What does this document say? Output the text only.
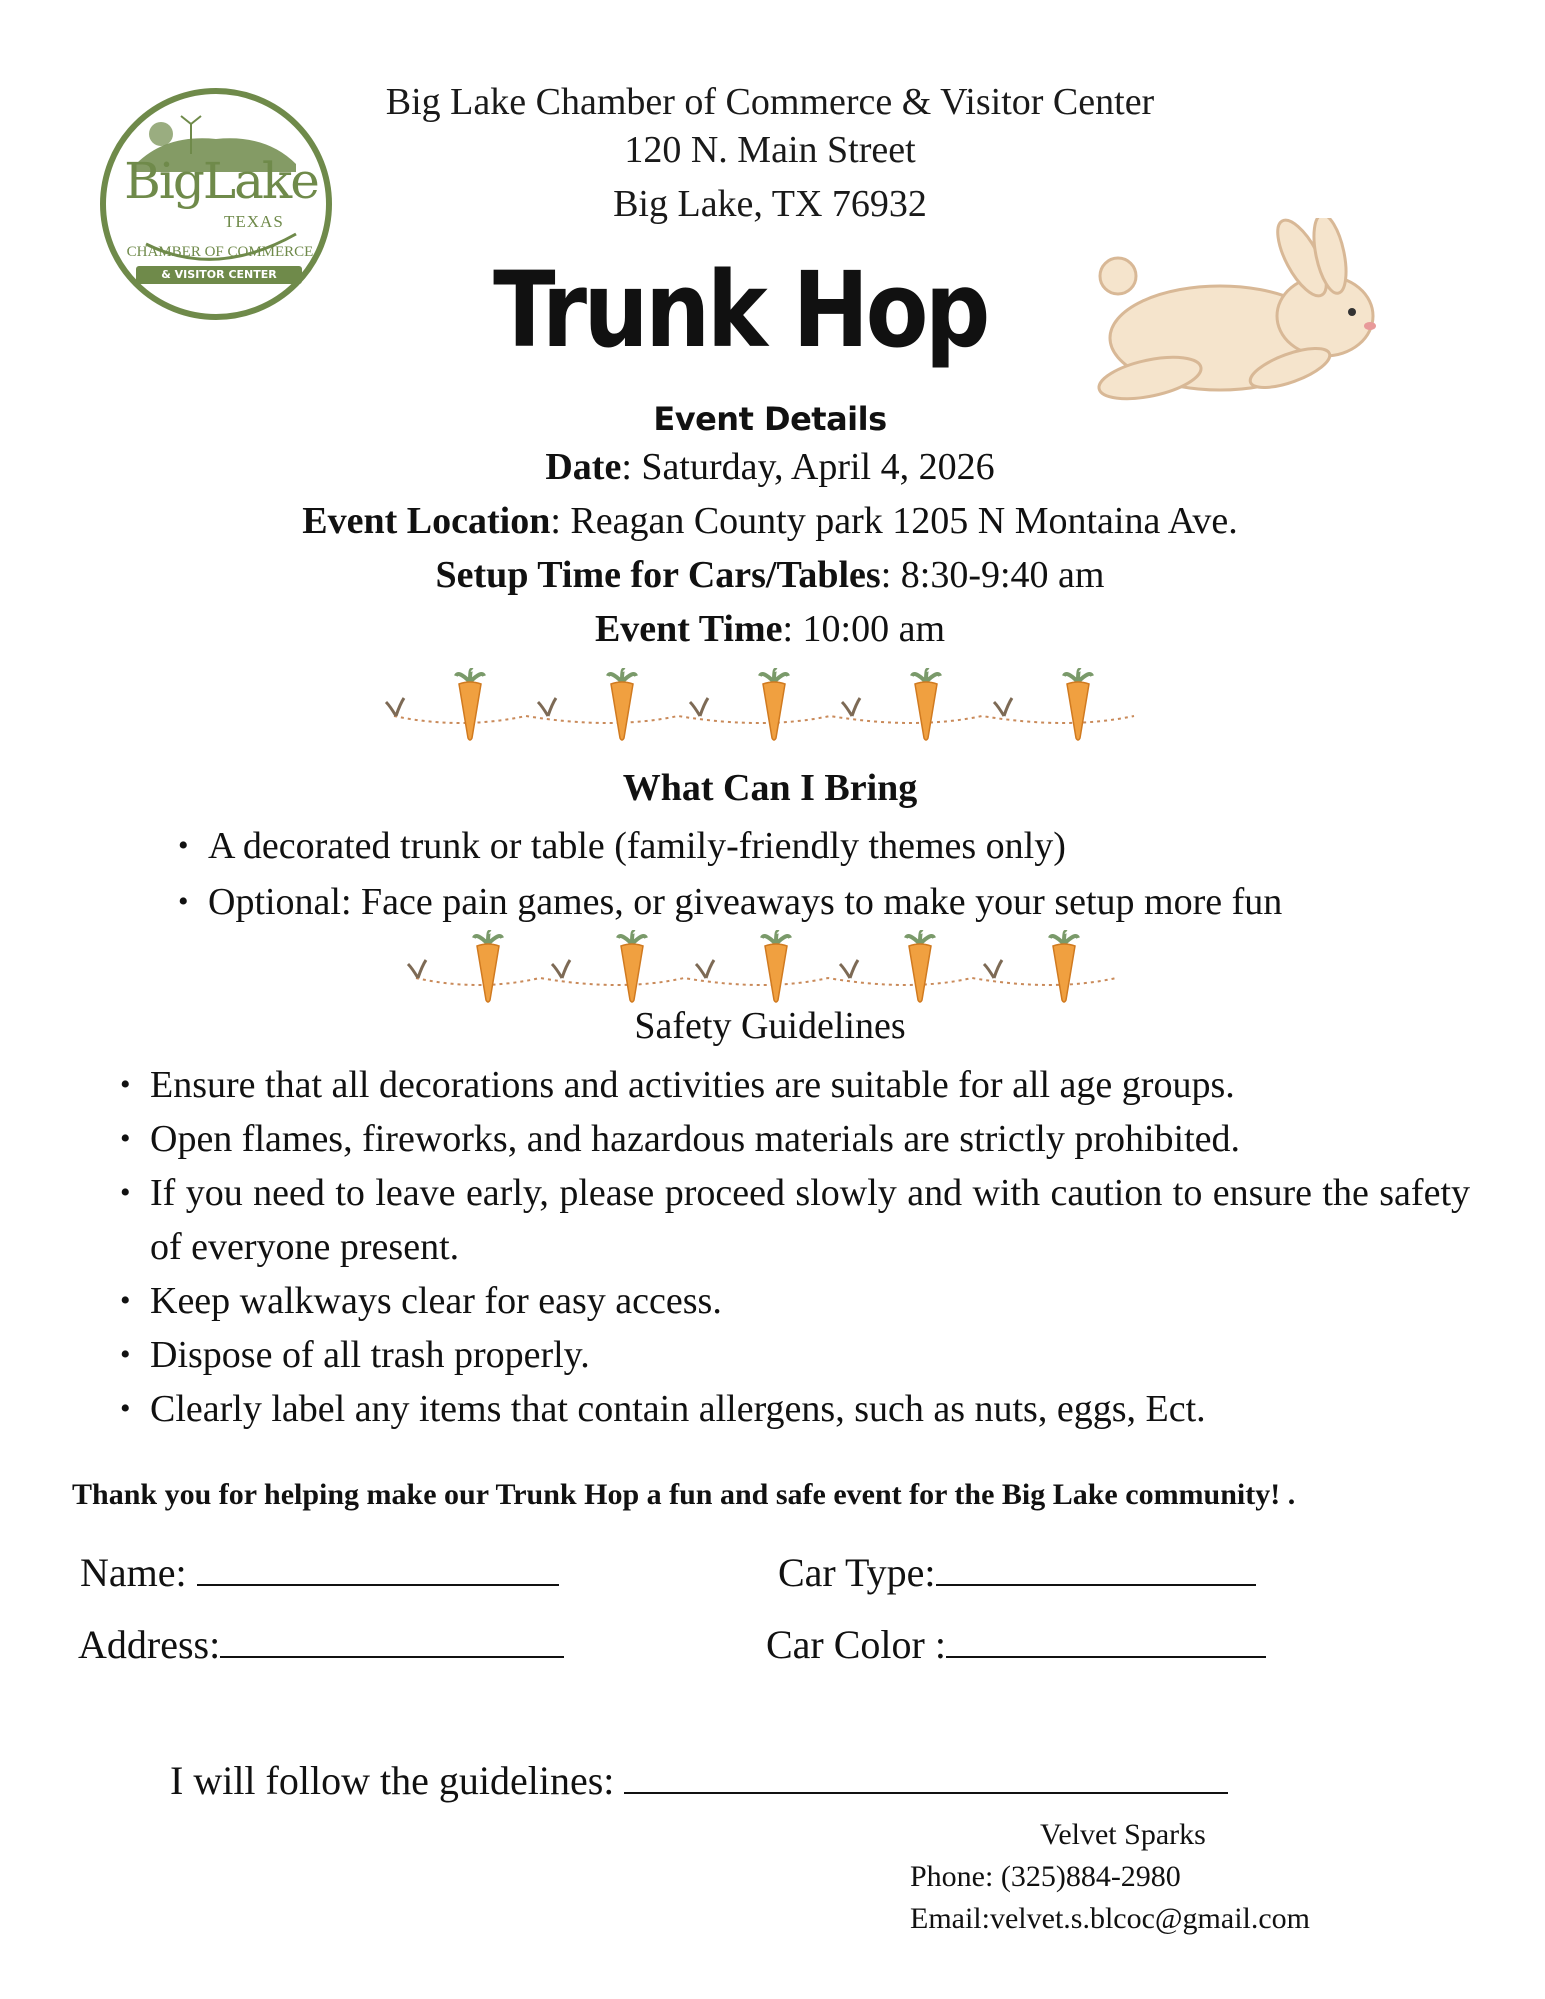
BigLake
TEXAS
CHAMBER OF COMMERCE
& VISITOR CENTER
Big Lake Chamber of Commerce & Visitor Center
120 N. Main Street
Big Lake, TX 76932
Trunk Hop
Event Details
Date: Saturday, April 4, 2026
Event Location: Reagan County park 1205 N Montaina Ave.
Setup Time for Cars/Tables: 8:30-9:40 am
Event Time: 10:00 am
What Can I Bring
• A decorated trunk or table (family-friendly themes only)
• Optional: Face pain games, or giveaways to make your setup more fun
Safety Guidelines
• Ensure that all decorations and activities are suitable for all age groups.
• Open flames, fireworks, and hazardous materials are strictly prohibited.
• If you need to leave early, please proceed slowly and with caution to ensure the safety of everyone present.
• Keep walkways clear for easy access.
• Dispose of all trash properly.
• Clearly label any items that contain allergens, such as nuts, eggs, Ect.
Thank you for helping make our Trunk Hop a fun and safe event for the Big Lake community! .
Name:	Car Type:
Address:	Car Color :
I will follow the guidelines:
Velvet Sparks
Phone: (325)884-2980
Email:velvet.s.blcoc@gmail.com
